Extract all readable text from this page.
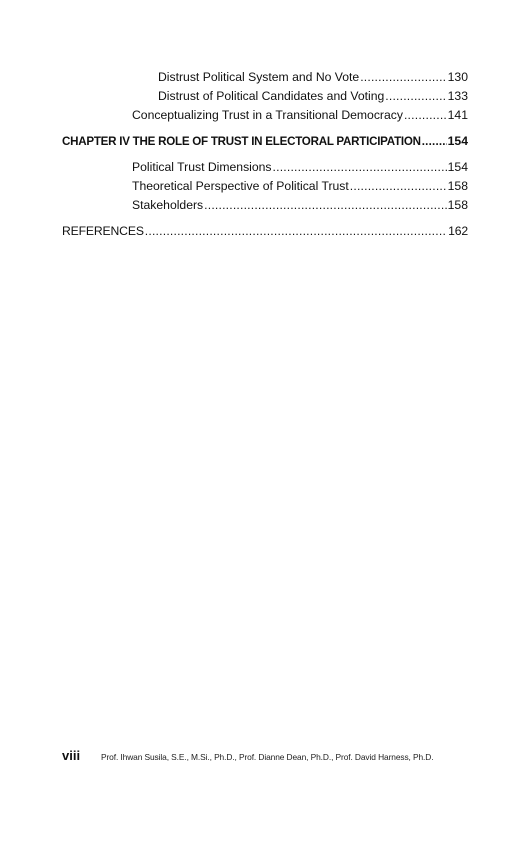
Distrust Political System and No Vote .....	130
Distrust of Political Candidates and Voting .....	133
Conceptualizing Trust in a Transitional Democracy .....	141
CHAPTER IV THE ROLE OF TRUST IN ELECTORAL PARTICIPATION ..... 154
Political Trust Dimensions .....	154
Theoretical Perspective of Political Trust .....	158
Stakeholders .....	158
REFERENCES .....	162
viii	Prof. Ihwan Susila, S.E., M.Si., Ph.D., Prof. Dianne Dean, Ph.D., Prof. David Harness, Ph.D.
